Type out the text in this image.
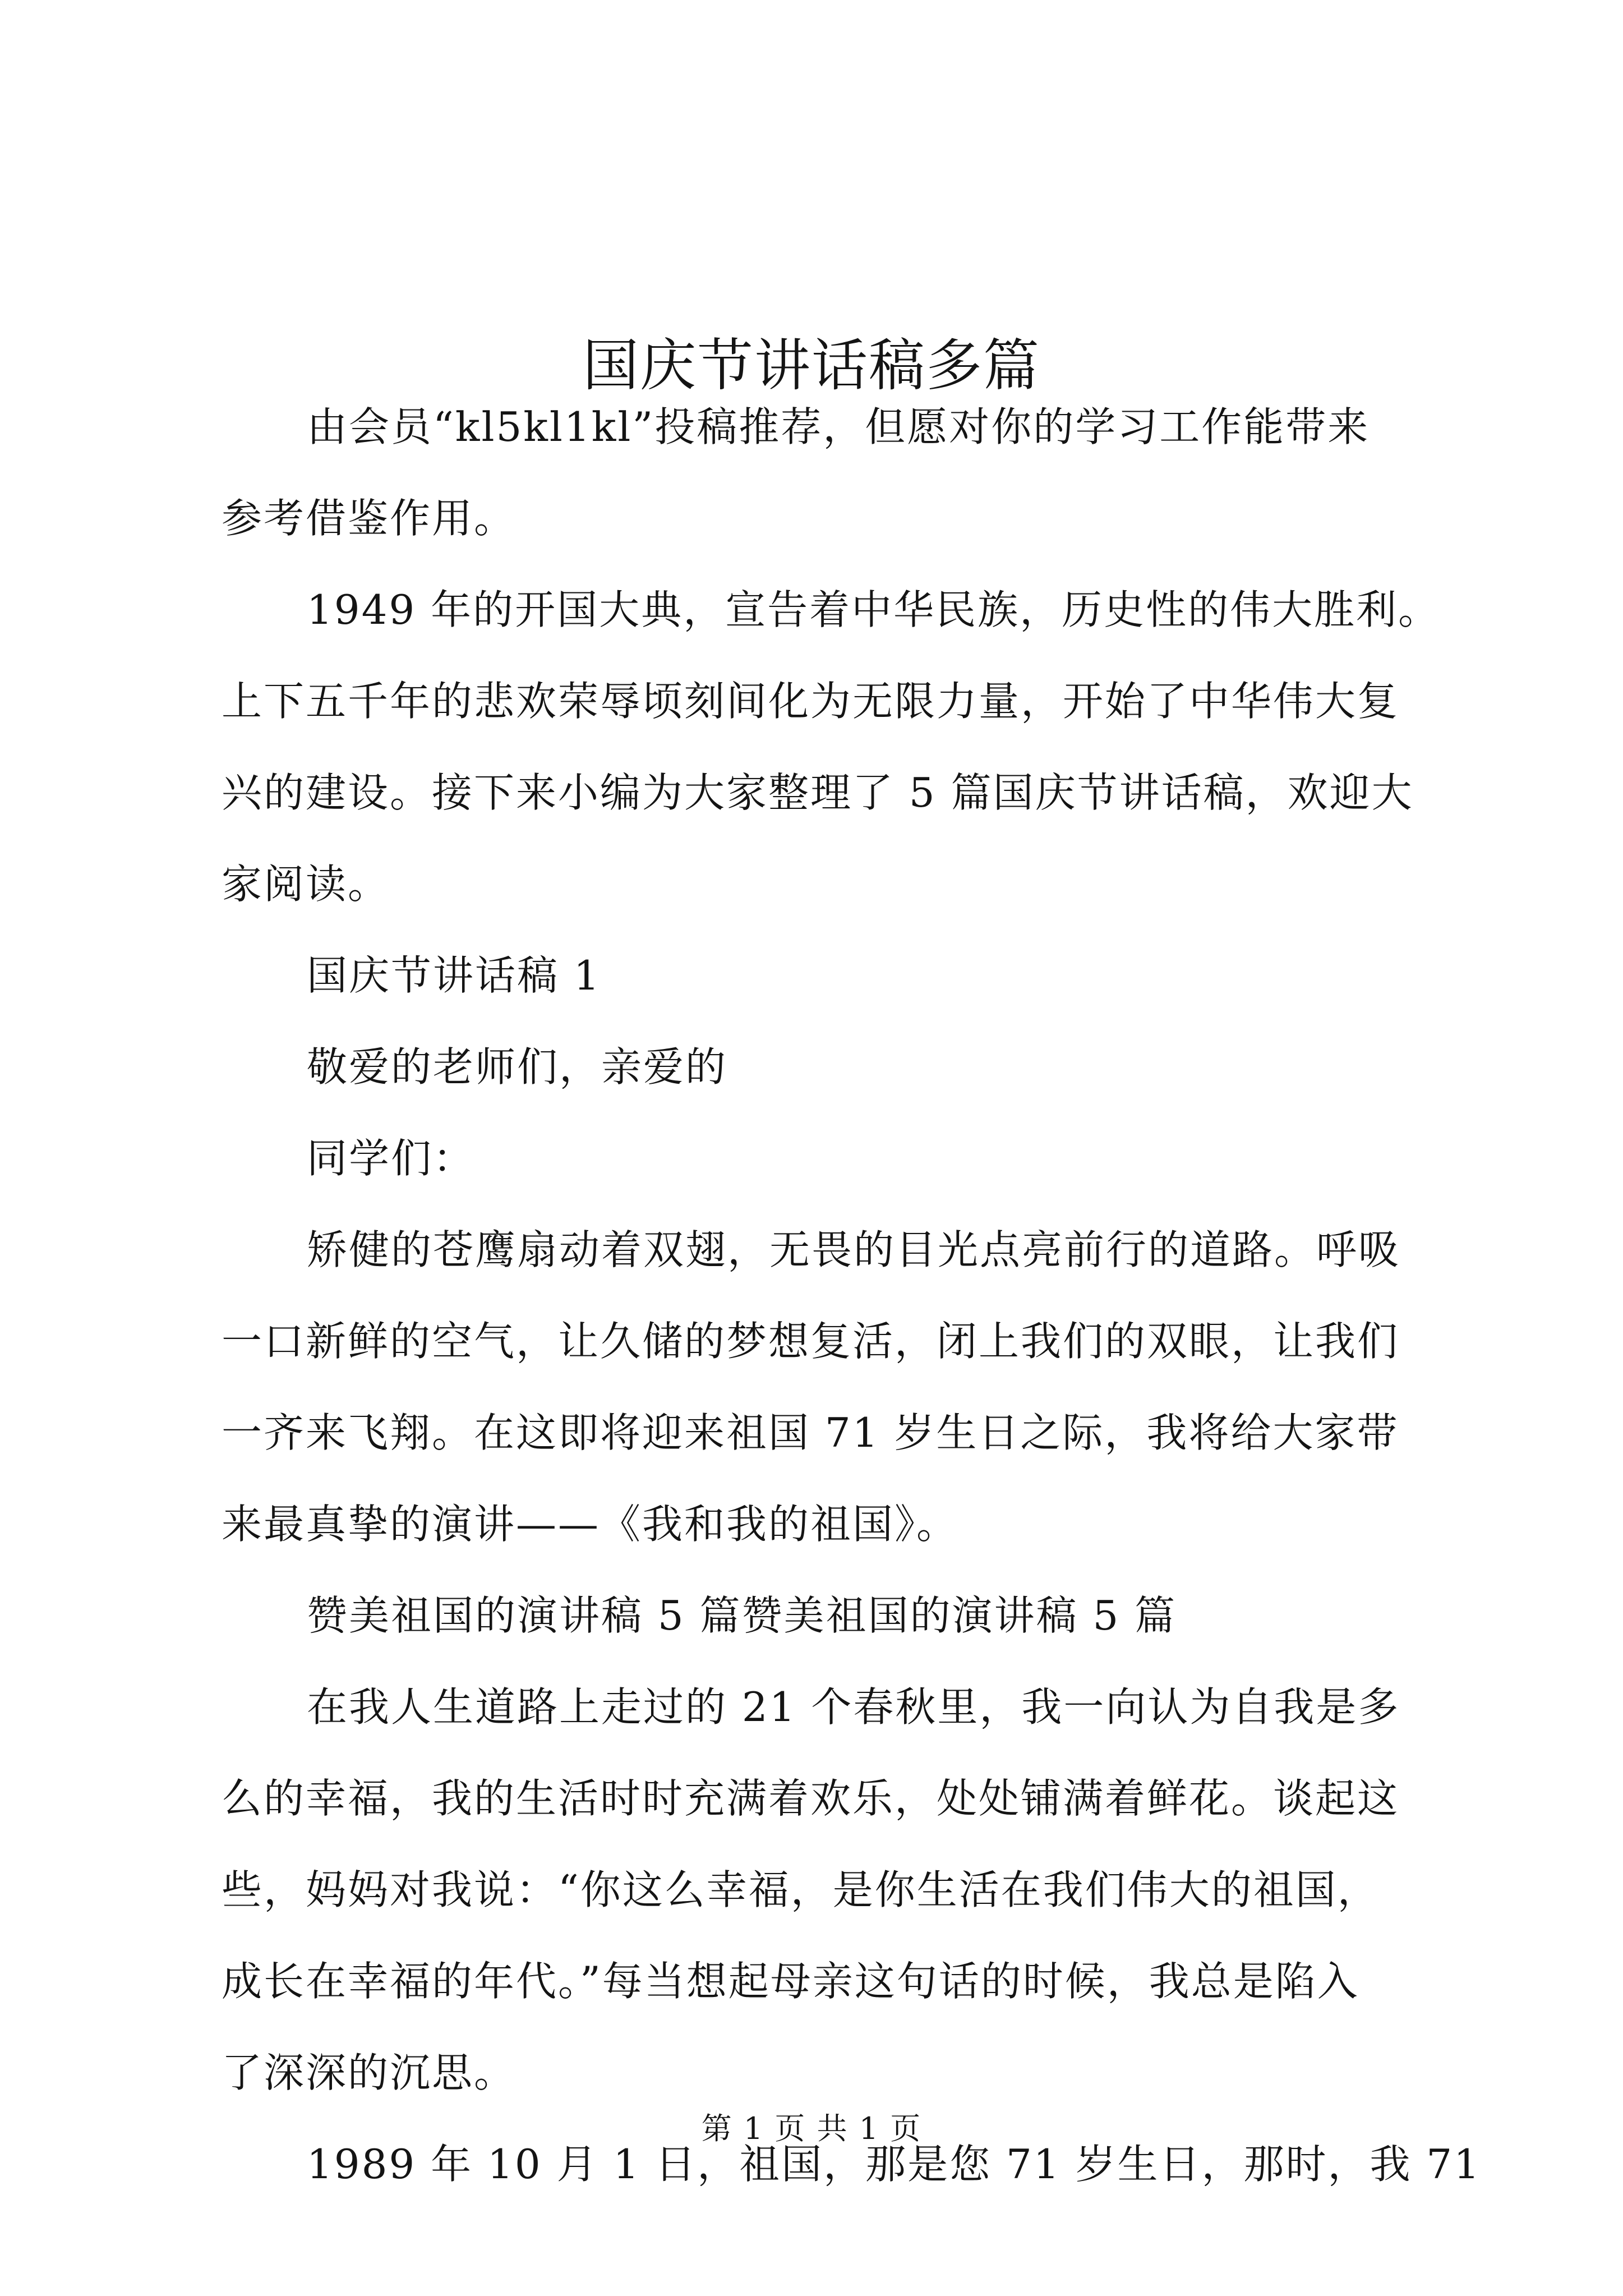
国庆节讲话稿多篇

由会员“kl5kl1kl”投稿推荐，但愿对你的学习工作能带来
参考借鉴作用。

1949 年的开国大典，宣告着中华民族，历史性的伟大胜利。
上下五千年的悲欢荣辱顷刻间化为无限力量，开始了中华伟大复
兴的建设。接下来小编为大家整理了 5 篇国庆节讲话稿，欢迎大
家阅读。

国庆节讲话稿 1

敬爱的老师们，亲爱的

同学们：

矫健的苍鹰扇动着双翅，无畏的目光点亮前行的道路。呼吸
一口新鲜的空气，让久储的梦想复活，闭上我们的双眼，让我们
一齐来飞翔。在这即将迎来祖国 71 岁生日之际，我将给大家带
来最真挚的演讲——《我和我的祖国》。

赞美祖国的演讲稿 5 篇赞美祖国的演讲稿 5 篇

在我人生道路上走过的 21 个春秋里，我一向认为自我是多
么的幸福，我的生活时时充满着欢乐，处处铺满着鲜花。谈起这
些，妈妈对我说：“你这么幸福，是你生活在我们伟大的祖国，
成长在幸福的年代。”每当想起母亲这句话的时候，我总是陷入
了深深的沉思。

1989 年 10 月 1 日，祖国，那是您 71 岁生日，那时，我 71

第 1 页 共 1 页
